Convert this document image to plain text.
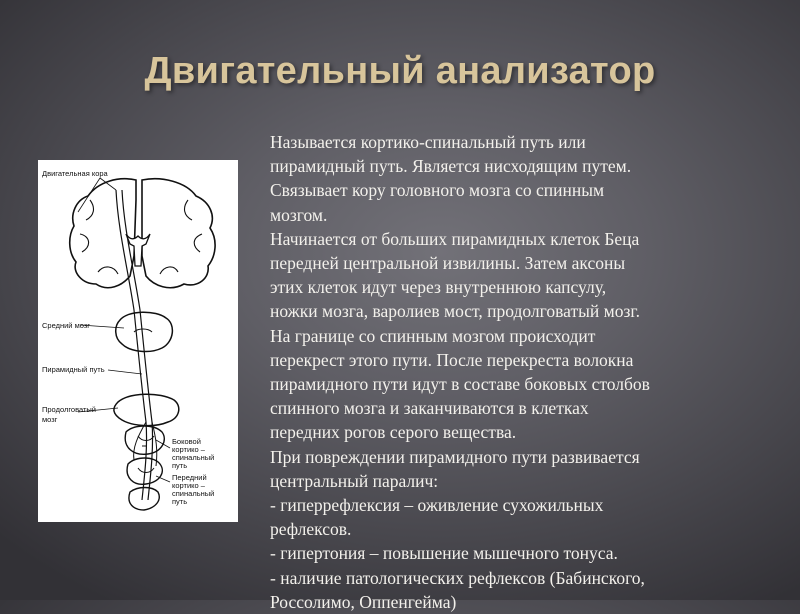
Двигательный анализатор
Двигательная кора
Средний мозг
Пирамидный путь
Продолговатый
мозг
Боковой
кортико –
спинальный
путь
Передний
кортико –
спинальный
путь
Называется кортико-спинальный путь или
пирамидный путь. Является нисходящим путем.
Связывает кору головного мозга со спинным
мозгом.
Начинается от больших пирамидных клеток Беца
передней центральной извилины. Затем аксоны
этих клеток идут через внутреннюю капсулу,
ножки мозга, варолиев мост, продолговатый мозг.
На границе со спинным мозгом происходит
перекрест этого пути. После перекреста волокна
пирамидного пути идут в составе боковых столбов
спинного мозга и заканчиваются в клетках
передних рогов серого вещества.
При повреждении пирамидного пути развивается
центральный паралич:
- гиперрефлексия – оживление сухожильных
рефлексов.
- гипертония – повышение мышечного тонуса.
- наличие патологических рефлексов (Бабинского,
Россолимо, Оппенгейма)
